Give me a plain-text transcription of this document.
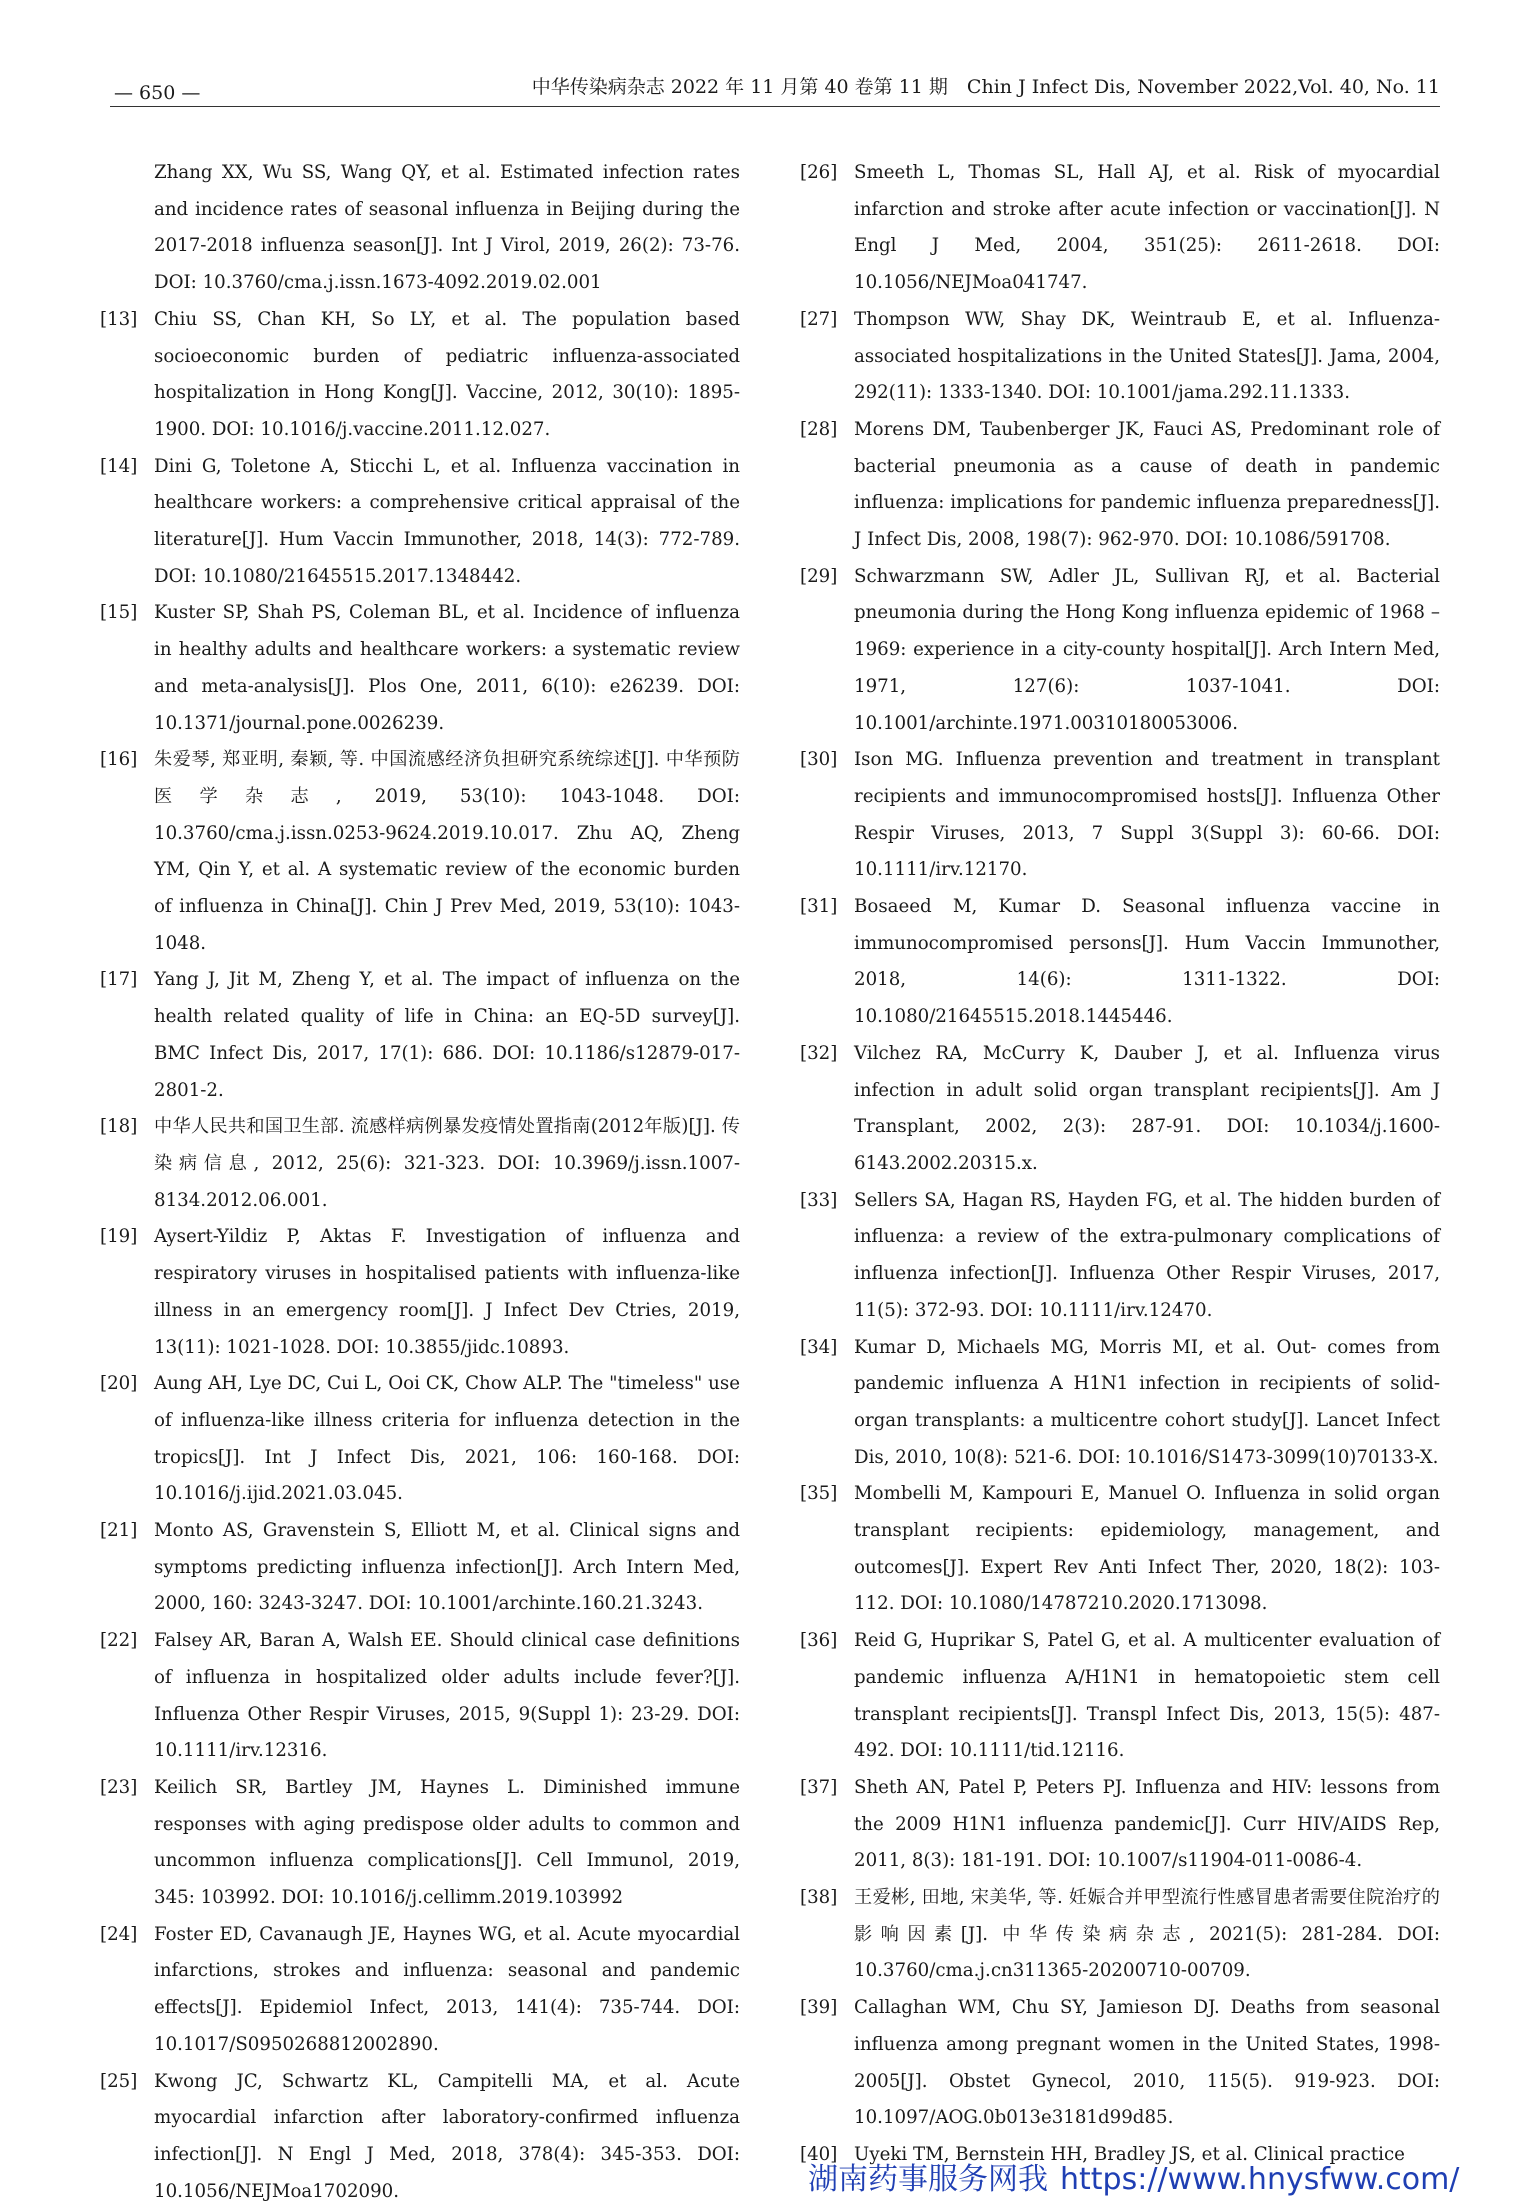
— 650 —	中华传染病杂志 2022 年 11 月第 40 卷第 11 期　Chin J Infect Dis, November 2022,Vol. 40, No. 11

Zhang XX, Wu SS, Wang QY, et al. Estimated infection rates and incidence rates of seasonal influenza in Beijing during the 2017-2018 influenza season[J]. Int J Virol, 2019, 26(2): 73-76. DOI: 10.3760/cma.j.issn.1673-4092.2019.02.001

[13] Chiu SS, Chan KH, So LY, et al. The population based socioeconomic burden of pediatric influenza-associated hospitalization in Hong Kong[J]. Vaccine, 2012, 30(10): 1895-1900. DOI: 10.1016/j.vaccine.2011.12.027.

[14] Dini G, Toletone A, Sticchi L, et al. Influenza vaccination in healthcare workers: a comprehensive critical appraisal of the literature[J]. Hum Vaccin Immunother, 2018, 14(3): 772-789. DOI: 10.1080/21645515.2017.1348442.

[15] Kuster SP, Shah PS, Coleman BL, et al. Incidence of influenza in healthy adults and healthcare workers: a systematic review and meta-analysis[J]. Plos One, 2011, 6(10): e26239. DOI: 10.1371/journal.pone.0026239.

[16] 朱爱琴, 郑亚明, 秦颖, 等. 中国流感经济负担研究系统综述[J]. 中华预防医学杂志, 2019, 53(10): 1043-1048. DOI: 10.3760/cma.j.issn.0253-9624.2019.10.017. Zhu AQ, Zheng YM, Qin Y, et al. A systematic review of the economic burden of influenza in China[J]. Chin J Prev Med, 2019, 53(10): 1043-1048.

[17] Yang J, Jit M, Zheng Y, et al. The impact of influenza on the health related quality of life in China: an EQ-5D survey[J]. BMC Infect Dis, 2017, 17(1): 686. DOI: 10.1186/s12879-017-2801-2.

[18] 中华人民共和国卫生部. 流感样病例暴发疫情处置指南(2012年版)[J]. 传染病信息, 2012, 25(6): 321-323. DOI: 10.3969/j.issn.1007-8134.2012.06.001.

[19] Aysert-Yildiz P, Aktas F. Investigation of influenza and respiratory viruses in hospitalised patients with influenza-like illness in an emergency room[J]. J Infect Dev Ctries, 2019, 13(11): 1021-1028. DOI: 10.3855/jidc.10893.

[20] Aung AH, Lye DC, Cui L, Ooi CK, Chow ALP. The "timeless" use of influenza-like illness criteria for influenza detection in the tropics[J]. Int J Infect Dis, 2021, 106: 160-168. DOI: 10.1016/j.ijid.2021.03.045.

[21] Monto AS, Gravenstein S, Elliott M, et al. Clinical signs and symptoms predicting influenza infection[J]. Arch Intern Med, 2000, 160: 3243-3247. DOI: 10.1001/archinte.160.21.3243.

[22] Falsey AR, Baran A, Walsh EE. Should clinical case definitions of influenza in hospitalized older adults include fever?[J]. Influenza Other Respir Viruses, 2015, 9(Suppl 1): 23-29. DOI: 10.1111/irv.12316.

[23] Keilich SR, Bartley JM, Haynes L. Diminished immune responses with aging predispose older adults to common and uncommon influenza complications[J]. Cell Immunol, 2019, 345: 103992. DOI: 10.1016/j.cellimm.2019.103992

[24] Foster ED, Cavanaugh JE, Haynes WG, et al. Acute myocardial infarctions, strokes and influenza: seasonal and pandemic effects[J]. Epidemiol Infect, 2013, 141(4): 735-744. DOI: 10.1017/S0950268812002890.

[25] Kwong JC, Schwartz KL, Campitelli MA, et al. Acute myocardial infarction after laboratory-confirmed influenza infection[J]. N Engl J Med, 2018, 378(4): 345-353. DOI: 10.1056/NEJMoa1702090.

[26] Smeeth L, Thomas SL, Hall AJ, et al. Risk of myocardial infarction and stroke after acute infection or vaccination[J]. N Engl J Med, 2004, 351(25): 2611-2618. DOI: 10.1056/NEJMoa041747.

[27] Thompson WW, Shay DK, Weintraub E, et al. Influenza-associated hospitalizations in the United States[J]. Jama, 2004, 292(11): 1333-1340. DOI: 10.1001/jama.292.11.1333.

[28] Morens DM, Taubenberger JK, Fauci AS, Predominant role of bacterial pneumonia as a cause of death in pandemic influenza: implications for pandemic influenza preparedness[J]. J Infect Dis, 2008, 198(7): 962-970. DOI: 10.1086/591708.

[29] Schwarzmann SW, Adler JL, Sullivan RJ, et al. Bacterial pneumonia during the Hong Kong influenza epidemic of 1968 – 1969: experience in a city-county hospital[J]. Arch Intern Med, 1971, 127(6): 1037-1041. DOI: 10.1001/archinte.1971.00310180053006.

[30] Ison MG. Influenza prevention and treatment in transplant recipients and immunocompromised hosts[J]. Influenza Other Respir Viruses, 2013, 7 Suppl 3(Suppl 3): 60-66. DOI: 10.1111/irv.12170.

[31] Bosaeed M, Kumar D. Seasonal influenza vaccine in immunocompromised persons[J]. Hum Vaccin Immunother, 2018, 14(6): 1311-1322. DOI: 10.1080/21645515.2018.1445446.

[32] Vilchez RA, McCurry K, Dauber J, et al. Influenza virus infection in adult solid organ transplant recipients[J]. Am J Transplant, 2002, 2(3): 287-91. DOI: 10.1034/j.1600-6143.2002.20315.x.

[33] Sellers SA, Hagan RS, Hayden FG, et al. The hidden burden of influenza: a review of the extra-pulmonary complications of influenza infection[J]. Influenza Other Respir Viruses, 2017, 11(5): 372-93. DOI: 10.1111/irv.12470.

[34] Kumar D, Michaels MG, Morris MI, et al. Out- comes from pandemic influenza A H1N1 infection in recipients of solid-organ transplants: a multicentre cohort study[J]. Lancet Infect Dis, 2010, 10(8): 521-6. DOI: 10.1016/S1473-3099(10)70133-X.

[35] Mombelli M, Kampouri E, Manuel O. Influenza in solid organ transplant recipients: epidemiology, management, and outcomes[J]. Expert Rev Anti Infect Ther, 2020, 18(2): 103-112. DOI: 10.1080/14787210.2020.1713098.

[36] Reid G, Huprikar S, Patel G, et al. A multicenter evaluation of pandemic influenza A/H1N1 in hematopoietic stem cell transplant recipients[J]. Transpl Infect Dis, 2013, 15(5): 487-492. DOI: 10.1111/tid.12116.

[37] Sheth AN, Patel P, Peters PJ. Influenza and HIV: lessons from the 2009 H1N1 influenza pandemic[J]. Curr HIV/AIDS Rep, 2011, 8(3): 181-191. DOI: 10.1007/s11904-011-0086-4.

[38] 王爱彬, 田地, 宋美华, 等. 妊娠合并甲型流行性感冒患者需要住院治疗的影响因素[J]. 中华传染病杂志, 2021(5): 281-284. DOI: 10.3760/cma.j.cn311365-20200710-00709.

[39] Callaghan WM, Chu SY, Jamieson DJ. Deaths from seasonal influenza among pregnant women in the United States, 1998-2005[J]. Obstet Gynecol, 2010, 115(5). 919-923. DOI: 10.1097/AOG.0b013e3181d99d85.

[40] Uyeki TM, Bernstein HH, Bradley JS, et al. Clinical practice

湖南药事服务网我 https://www.hnysfww.com/
